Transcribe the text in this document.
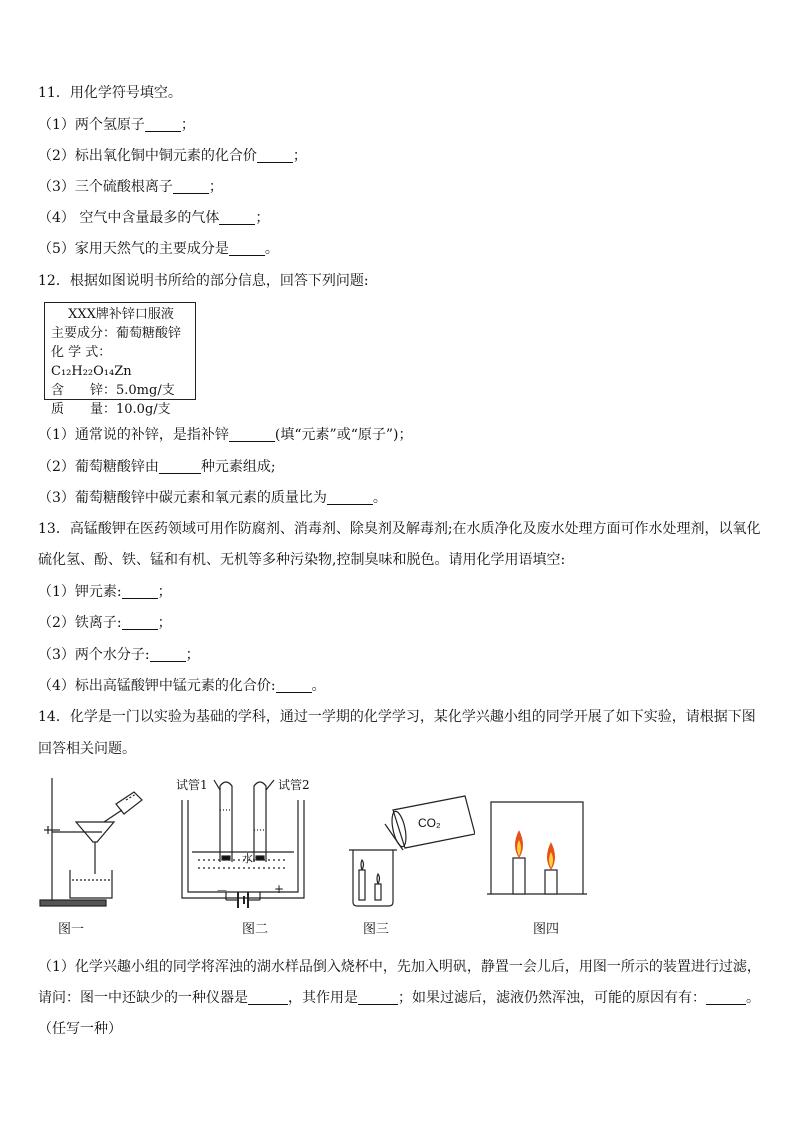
11．用化学符号填空。
（1）两个氢原子	；
（2）标出氧化铜中铜元素的化合价	；
（3）三个硫酸根离子	；
（4） 空气中含量最多的气体	；
（5）家用天然气的主要成分是	。
12．根据如图说明书所给的部分信息，回答下列问题:
XXX牌补锌口服液
主要成分：葡萄糖酸锌
化 学 式：C₁₂H₂₂O₁₄Zn
含　　锌：5.0mg/支
质　　量：10.0g/支
（1）通常说的补锌，是指补锌	(填“元素”或“原子”)；
（2）葡萄糖酸锌由	种元素组成;
（3）葡萄糖酸锌中碳元素和氧元素的质量比为	。
13．高锰酸钾在医药领域可用作防腐剂、消毒剂、除臭剂及解毒剂;在水质净化及废水处理方面可作水处理剂，以氧化
硫化氢、酚、铁、锰和有机、无机等多种污染物,控制臭味和脱色。请用化学用语填空:
（1）钾元素:	；
（2）铁离子:	；
（3）两个水分子:	；
（4）标出高锰酸钾中锰元素的化合价:	。
14．化学是一门以实验为基础的学科，通过一学期的化学学习，某化学兴趣小组的同学开展了如下实验，请根据下图
回答相关问题。
图一
试管1	试管2
水
－	+
图二
CO₂
图三	图四
（1）化学兴趣小组的同学将浑浊的湖水样品倒入烧杯中，先加入明矾，静置一会儿后，用图一所示的装置进行过滤，
请问：图一中还缺少的一种仪器是	，其作用是	；如果过滤后，滤液仍然浑浊，可能的原因有有：	。
（任写一种）
